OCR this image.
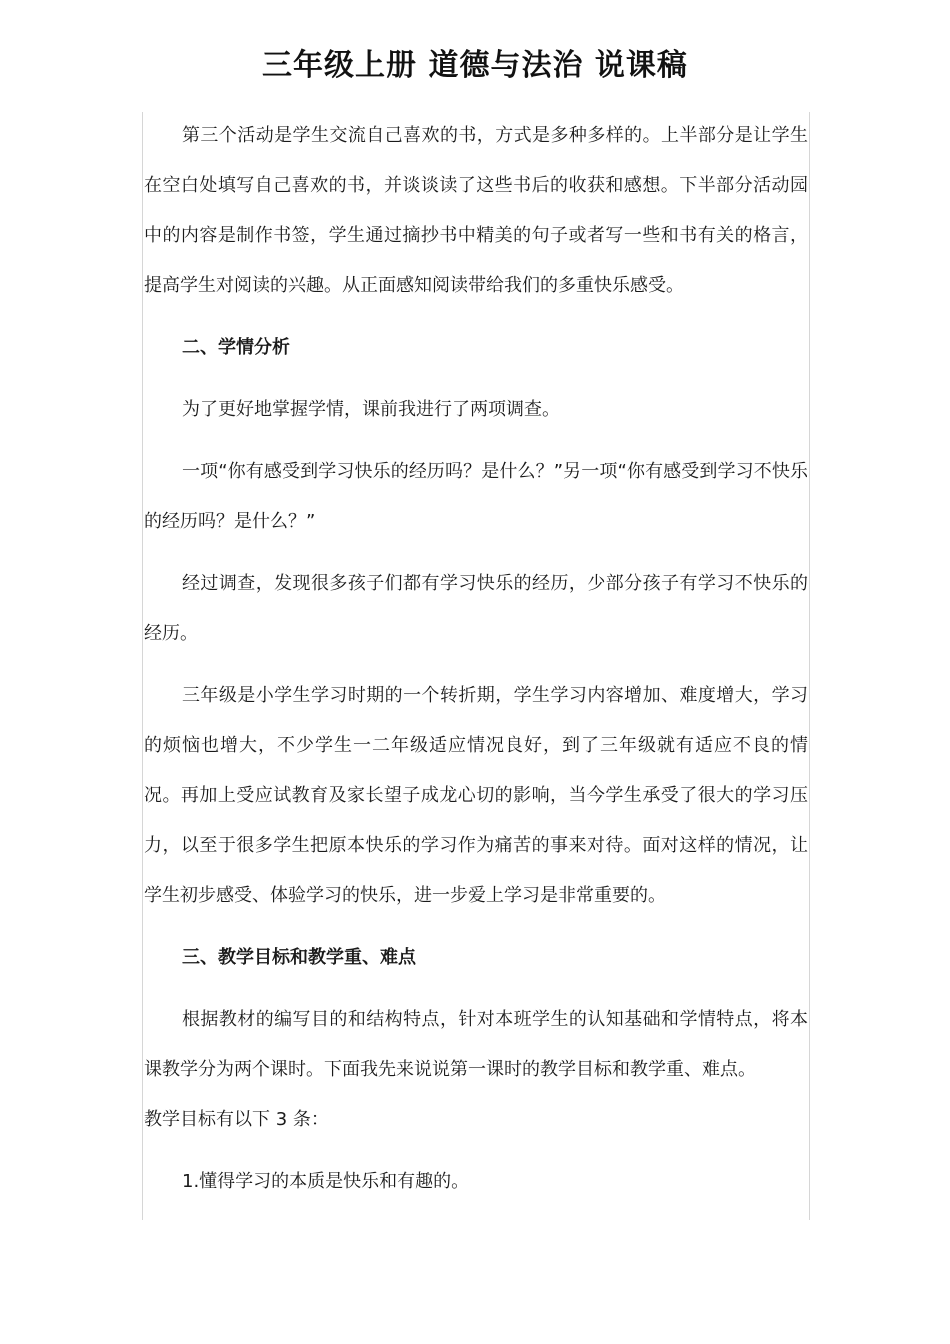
三年级上册 道德与法治 说课稿

第三个活动是学生交流自己喜欢的书，方式是多种多样的。上半部分是让学生在空白处填写自己喜欢的书，并谈谈读了这些书后的收获和感想。下半部分活动园中的内容是制作书签，学生通过摘抄书中精美的句子或者写一些和书有关的格言，提高学生对阅读的兴趣。从正面感知阅读带给我们的多重快乐感受。

二、学情分析

为了更好地掌握学情，课前我进行了两项调查。

一项“你有感受到学习快乐的经历吗？是什么？”另一项“你有感受到学习不快乐的经历吗？是什么？”

经过调查，发现很多孩子们都有学习快乐的经历，少部分孩子有学习不快乐的经历。

三年级是小学生学习时期的一个转折期，学生学习内容增加、难度增大，学习的烦恼也增大，不少学生一二年级适应情况良好，到了三年级就有适应不良的情况。再加上受应试教育及家长望子成龙心切的影响，当今学生承受了很大的学习压力，以至于很多学生把原本快乐的学习作为痛苦的事来对待。面对这样的情况，让学生初步感受、体验学习的快乐，进一步爱上学习是非常重要的。

三、教学目标和教学重、难点

根据教材的编写目的和结构特点，针对本班学生的认知基础和学情特点，将本课教学分为两个课时。下面我先来说说第一课时的教学目标和教学重、难点。

教学目标有以下 3 条：

1.懂得学习的本质是快乐和有趣的。
